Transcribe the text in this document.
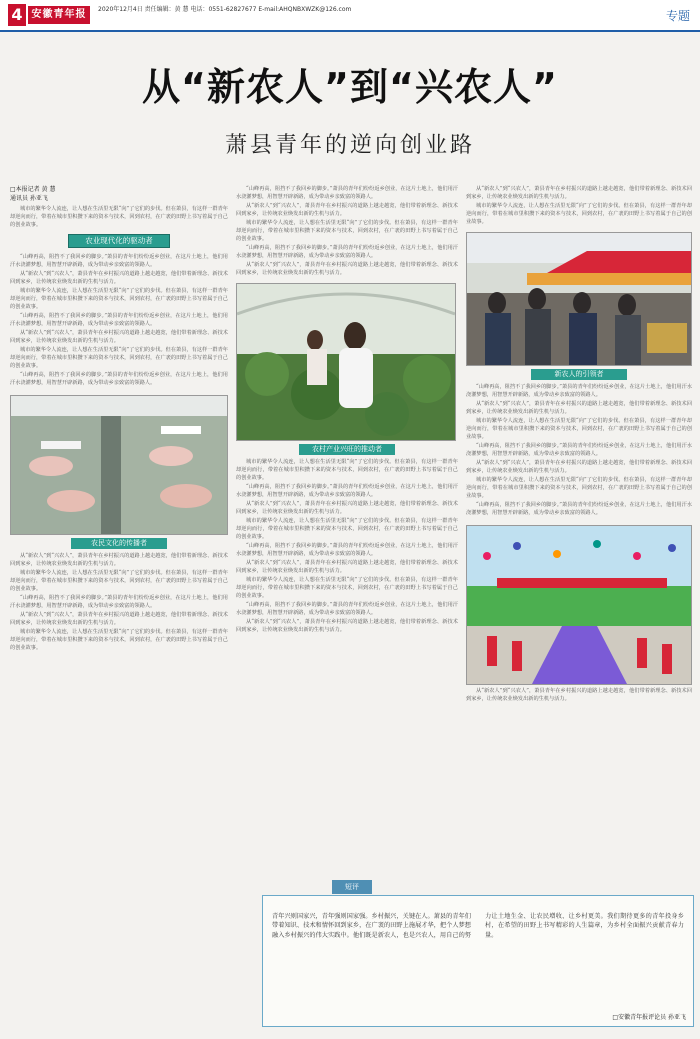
4 安徽青年报	2020年12月4日 责任编辑：黄 慧 电话：0551-62827677 E-mail:AHQNBXWZK@126.com	专题
从“新农人”到“兴农人”
萧县青年的逆向创业路
□本报记者 黄 慧
通讯员 孙亚飞

城市的繁华令人流连，让人想在生活里无限“向”了它们的步伐。但在萧县，有这样一群青年却逆向而行，带着在城市里积攒下来的资本与技术，回到农村，在广袤的田野上书写着属于自己的创业故事。

农业现代化的驱动者

“山峰再高，阻挡不了我回乡的脚步。”萧县的青年们纷纷返乡创业，在这片土地上，他们用汗水浇灌梦想，用智慧开辟新路，成为带动乡亲致富的领路人。

从“新农人”到“兴农人”，萧县青年在乡村振兴的道路上越走越宽，他们带着新理念、新技术回到家乡，让传统农业焕发出新的生机与活力。

城市的繁华令人流连，让人想在生活里无限“向”了它们的步伐。但在萧县，有这样一群青年却逆向而行，带着在城市里积攒下来的资本与技术，回到农村，在广袤的田野上书写着属于自己的创业故事。

“山峰再高，阻挡不了我回乡的脚步。”萧县的青年们纷纷返乡创业，在这片土地上，他们用汗水浇灌梦想，用智慧开辟新路，成为带动乡亲致富的领路人。

从“新农人”到“兴农人”，萧县青年在乡村振兴的道路上越走越宽，他们带着新理念、新技术回到家乡，让传统农业焕发出新的生机与活力。

城市的繁华令人流连，让人想在生活里无限“向”了它们的步伐。但在萧县，有这样一群青年却逆向而行，带着在城市里积攒下来的资本与技术，回到农村，在广袤的田野上书写着属于自己的创业故事。

“山峰再高，阻挡不了我回乡的脚步。”萧县的青年们纷纷返乡创业，在这片土地上，他们用汗水浇灌梦想，用智慧开辟新路，成为带动乡亲致富的领路人。

农民文化的传播者

从“新农人”到“兴农人”，萧县青年在乡村振兴的道路上越走越宽，他们带着新理念、新技术回到家乡，让传统农业焕发出新的生机与活力。

城市的繁华令人流连，让人想在生活里无限“向”了它们的步伐。但在萧县，有这样一群青年却逆向而行，带着在城市里积攒下来的资本与技术，回到农村，在广袤的田野上书写着属于自己的创业故事。

“山峰再高，阻挡不了我回乡的脚步。”萧县的青年们纷纷返乡创业，在这片土地上，他们用汗水浇灌梦想，用智慧开辟新路，成为带动乡亲致富的领路人。

从“新农人”到“兴农人”，萧县青年在乡村振兴的道路上越走越宽，他们带着新理念、新技术回到家乡，让传统农业焕发出新的生机与活力。

城市的繁华令人流连，让人想在生活里无限“向”了它们的步伐。但在萧县，有这样一群青年却逆向而行，带着在城市里积攒下来的资本与技术，回到农村，在广袤的田野上书写着属于自己的创业故事。

“山峰再高，阻挡不了我回乡的脚步。”萧县的青年们纷纷返乡创业，在这片土地上，他们用汗水浇灌梦想，用智慧开辟新路，成为带动乡亲致富的领路人。

从“新农人”到“兴农人”，萧县青年在乡村振兴的道路上越走越宽，他们带着新理念、新技术回到家乡，让传统农业焕发出新的生机与活力。

城市的繁华令人流连，让人想在生活里无限“向”了它们的步伐。但在萧县，有这样一群青年却逆向而行，带着在城市里积攒下来的资本与技术，回到农村，在广袤的田野上书写着属于自己的创业故事。

“山峰再高，阻挡不了我回乡的脚步。”萧县的青年们纷纷返乡创业，在这片土地上，他们用汗水浇灌梦想，用智慧开辟新路，成为带动乡亲致富的领路人。

从“新农人”到“兴农人”，萧县青年在乡村振兴的道路上越走越宽，他们带着新理念、新技术回到家乡，让传统农业焕发出新的生机与活力。

农村产业兴旺的推动者

城市的繁华令人流连，让人想在生活里无限“向”了它们的步伐。但在萧县，有这样一群青年却逆向而行，带着在城市里积攒下来的资本与技术，回到农村，在广袤的田野上书写着属于自己的创业故事。

“山峰再高，阻挡不了我回乡的脚步。”萧县的青年们纷纷返乡创业，在这片土地上，他们用汗水浇灌梦想，用智慧开辟新路，成为带动乡亲致富的领路人。

从“新农人”到“兴农人”，萧县青年在乡村振兴的道路上越走越宽，他们带着新理念、新技术回到家乡，让传统农业焕发出新的生机与活力。

城市的繁华令人流连，让人想在生活里无限“向”了它们的步伐。但在萧县，有这样一群青年却逆向而行，带着在城市里积攒下来的资本与技术，回到农村，在广袤的田野上书写着属于自己的创业故事。

“山峰再高，阻挡不了我回乡的脚步。”萧县的青年们纷纷返乡创业，在这片土地上，他们用汗水浇灌梦想，用智慧开辟新路，成为带动乡亲致富的领路人。

从“新农人”到“兴农人”，萧县青年在乡村振兴的道路上越走越宽，他们带着新理念、新技术回到家乡，让传统农业焕发出新的生机与活力。

城市的繁华令人流连，让人想在生活里无限“向”了它们的步伐。但在萧县，有这样一群青年却逆向而行，带着在城市里积攒下来的资本与技术，回到农村，在广袤的田野上书写着属于自己的创业故事。

“山峰再高，阻挡不了我回乡的脚步。”萧县的青年们纷纷返乡创业，在这片土地上，他们用汗水浇灌梦想，用智慧开辟新路，成为带动乡亲致富的领路人。

从“新农人”到“兴农人”，萧县青年在乡村振兴的道路上越走越宽，他们带着新理念、新技术回到家乡，让传统农业焕发出新的生机与活力。

从“新农人”到“兴农人”，萧县青年在乡村振兴的道路上越走越宽，他们带着新理念、新技术回到家乡，让传统农业焕发出新的生机与活力。

城市的繁华令人流连，让人想在生活里无限“向”了它们的步伐。但在萧县，有这样一群青年却逆向而行，带着在城市里积攒下来的资本与技术，回到农村，在广袤的田野上书写着属于自己的创业故事。

新农人的引领者

“山峰再高，阻挡不了我回乡的脚步。”萧县的青年们纷纷返乡创业，在这片土地上，他们用汗水浇灌梦想，用智慧开辟新路，成为带动乡亲致富的领路人。

从“新农人”到“兴农人”，萧县青年在乡村振兴的道路上越走越宽，他们带着新理念、新技术回到家乡，让传统农业焕发出新的生机与活力。

城市的繁华令人流连，让人想在生活里无限“向”了它们的步伐。但在萧县，有这样一群青年却逆向而行，带着在城市里积攒下来的资本与技术，回到农村，在广袤的田野上书写着属于自己的创业故事。

“山峰再高，阻挡不了我回乡的脚步。”萧县的青年们纷纷返乡创业，在这片土地上，他们用汗水浇灌梦想，用智慧开辟新路，成为带动乡亲致富的领路人。

从“新农人”到“兴农人”，萧县青年在乡村振兴的道路上越走越宽，他们带着新理念、新技术回到家乡，让传统农业焕发出新的生机与活力。

城市的繁华令人流连，让人想在生活里无限“向”了它们的步伐。但在萧县，有这样一群青年却逆向而行，带着在城市里积攒下来的资本与技术，回到农村，在广袤的田野上书写着属于自己的创业故事。

“山峰再高，阻挡不了我回乡的脚步。”萧县的青年们纷纷返乡创业，在这片土地上，他们用汗水浇灌梦想，用智慧开辟新路，成为带动乡亲致富的领路人。

从“新农人”到“兴农人”，萧县青年在乡村振兴的道路上越走越宽，他们带着新理念、新技术回到家乡，让传统农业焕发出新的生机与活力。

短评
青年兴则国家兴，青年强则国家强。乡村振兴，关键在人。萧县的青年们带着知识、技术和情怀回到家乡，在广袤的田野上施展才华，把个人梦想融入乡村振兴的伟大实践中。他们既是新农人，也是兴农人，用自己的努力让土地生金、让农民增收、让乡村更美。我们期待更多的青年投身乡村，在希望的田野上书写精彩的人生篇章，为乡村全面振兴贡献青春力量。
□安徽青年报评论员 孙亚飞
